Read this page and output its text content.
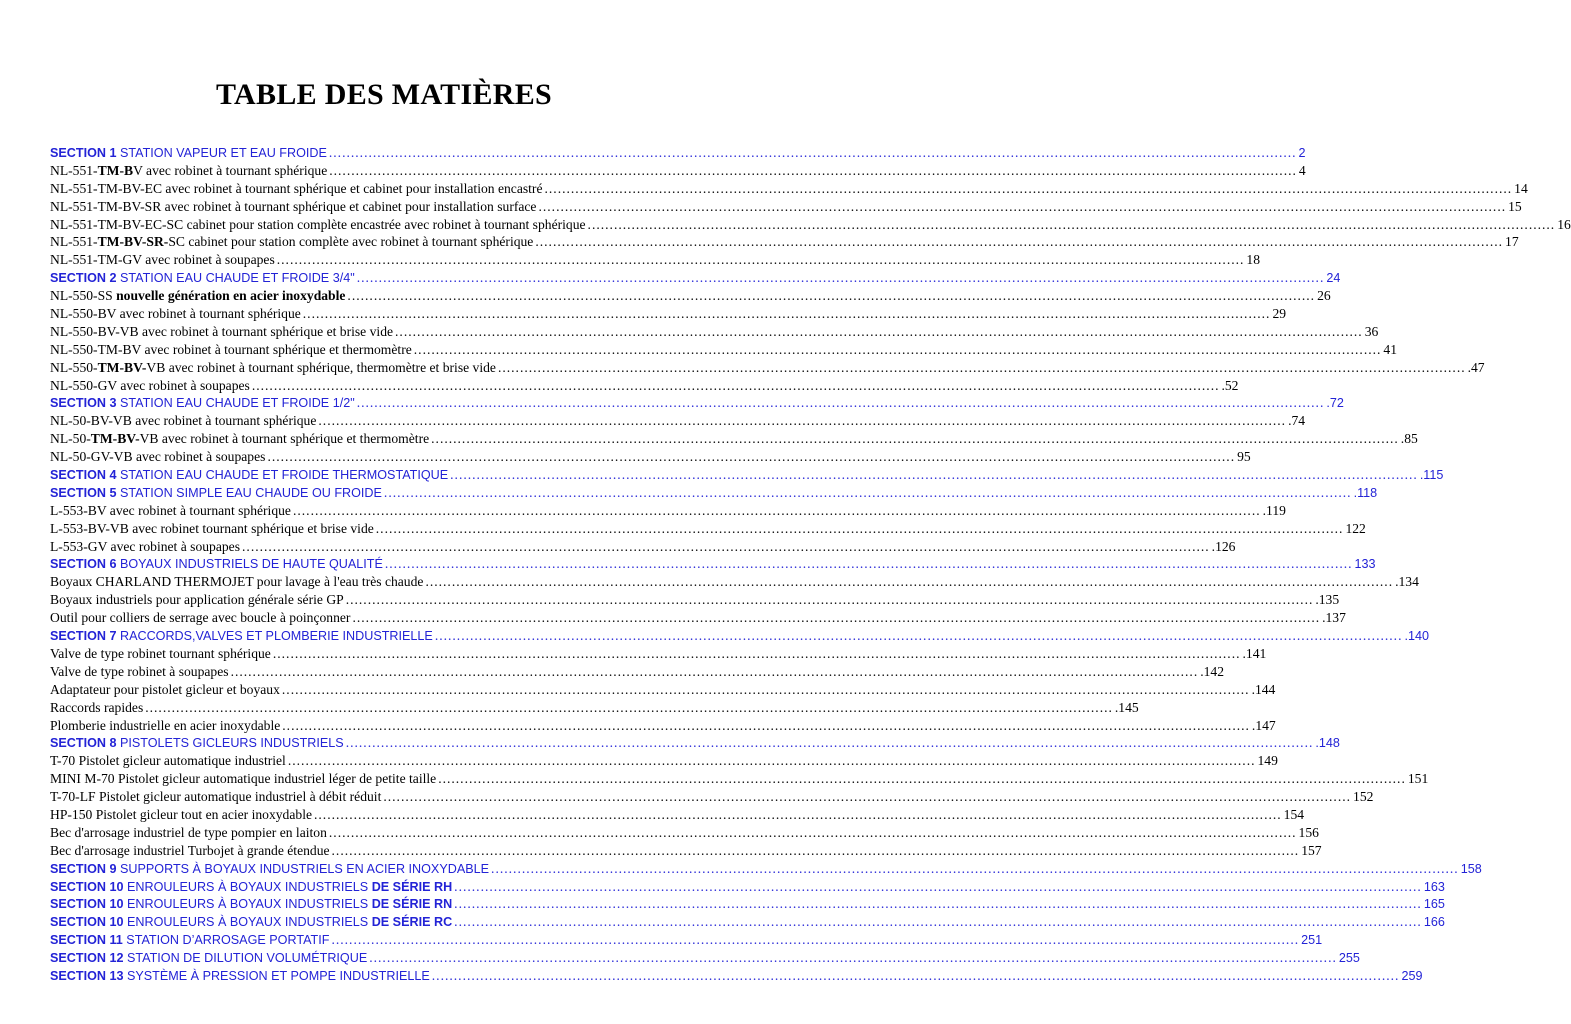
TABLE DES MATIÈRES
SECTION 1 STATION VAPEUR ET EAU FROIDE ............................................................................................................................................................................................................................ 2
NL-551-TM-BV avec robinet à tournant sphérique ............................................................................................................................................................................................................................ 4
NL-551-TM-BV-EC avec robinet à tournant sphérique et cabinet pour installation encastré ............................................................................................................................................................................................................................ 14
NL-551-TM-BV-SR avec robinet à tournant sphérique et cabinet pour installation surface ............................................................................................................................................................................................................................ 15
NL-551-TM-BV-EC-SC cabinet pour station complète encastrée avec robinet à tournant sphérique ............................................................................................................................................................................................................................ 16
NL-551-TM-BV-SR-SC cabinet pour station complète avec robinet à tournant sphérique ............................................................................................................................................................................................................................ 17
NL-551-TM-GV avec robinet à soupapes ............................................................................................................................................................................................................................ 18
SECTION 2 STATION EAU CHAUDE ET FROIDE 3/4" ............................................................................................................................................................................................................................ 24
NL-550-SS nouvelle génération en acier inoxydable ............................................................................................................................................................................................................................ 26
NL-550-BV avec robinet à tournant sphérique ............................................................................................................................................................................................................................ 29
NL-550-BV-VB avec robinet à tournant sphérique et brise vide ............................................................................................................................................................................................................................ 36
NL-550-TM-BV avec robinet à tournant sphérique et thermomètre ............................................................................................................................................................................................................................ 41
NL-550-TM-BV-VB avec robinet à tournant sphérique, thermomètre et brise vide ............................................................................................................................................................................................................................ .47
NL-550-GV avec robinet à soupapes ............................................................................................................................................................................................................................ .52
SECTION 3 STATION EAU CHAUDE ET FROIDE 1/2" ............................................................................................................................................................................................................................ .72
NL-50-BV-VB avec robinet à tournant sphérique ............................................................................................................................................................................................................................ .74
NL-50-TM-BV-VB avec robinet à tournant sphérique et thermomètre ............................................................................................................................................................................................................................ .85
NL-50-GV-VB avec robinet à soupapes ............................................................................................................................................................................................................................ 95
SECTION 4 STATION EAU CHAUDE ET FROIDE THERMOSTATIQUE ............................................................................................................................................................................................................................ .115
SECTION 5 STATION SIMPLE EAU CHAUDE OU FROIDE ............................................................................................................................................................................................................................ .118
L-553-BV avec robinet à tournant sphérique ............................................................................................................................................................................................................................ .119
L-553-BV-VB avec robinet tournant sphérique et brise vide ............................................................................................................................................................................................................................ 122
L-553-GV avec robinet à soupapes ............................................................................................................................................................................................................................ .126
SECTION 6 BOYAUX INDUSTRIELS DE HAUTE QUALITÉ ............................................................................................................................................................................................................................ 133
Boyaux CHARLAND THERMOJET pour lavage à l'eau très chaude ............................................................................................................................................................................................................................ .134
Boyaux industriels pour application générale série GP ............................................................................................................................................................................................................................ .135
Outil pour colliers de serrage avec boucle à poinçonner ............................................................................................................................................................................................................................ .137
SECTION 7 RACCORDS,VALVES ET PLOMBERIE INDUSTRIELLE ............................................................................................................................................................................................................................ .140
Valve de type robinet tournant sphérique ............................................................................................................................................................................................................................ .141
Valve de type robinet à soupapes ............................................................................................................................................................................................................................ .142
Adaptateur pour pistolet gicleur et boyaux ............................................................................................................................................................................................................................ .144
Raccords rapides ............................................................................................................................................................................................................................ .145
Plomberie industrielle en acier inoxydable ............................................................................................................................................................................................................................ .147
SECTION 8 PISTOLETS GICLEURS INDUSTRIELS ............................................................................................................................................................................................................................ .148
T-70 Pistolet gicleur automatique industriel ............................................................................................................................................................................................................................ 149
MINI M-70 Pistolet gicleur automatique industriel léger de petite taille ............................................................................................................................................................................................................................ 151
T-70-LF Pistolet gicleur automatique industriel à débit réduit ............................................................................................................................................................................................................................ 152
HP-150 Pistolet gicleur tout en acier inoxydable ............................................................................................................................................................................................................................ 154
Bec d'arrosage industriel de type pompier en laiton ............................................................................................................................................................................................................................ 156
Bec d'arrosage industriel Turbojet à grande étendue ............................................................................................................................................................................................................................ 157
SECTION 9 SUPPORTS À BOYAUX INDUSTRIELS EN ACIER INOXYDABLE ............................................................................................................................................................................................................................ 158
SECTION 10 ENROULEURS À BOYAUX INDUSTRIELS DE SÉRIE RH ............................................................................................................................................................................................................................ 163
SECTION 10 ENROULEURS À BOYAUX INDUSTRIELS DE SÉRIE RN ............................................................................................................................................................................................................................ 165
SECTION 10 ENROULEURS À BOYAUX INDUSTRIELS DE SÉRIE RC ............................................................................................................................................................................................................................ 166
SECTION 11 STATION D’ARROSAGE PORTATIF ............................................................................................................................................................................................................................ 251
SECTION 12 STATION DE DILUTION VOLUMÉTRIQUE ............................................................................................................................................................................................................................ 255
SECTION 13 SYSTÈME À PRESSION ET POMPE INDUSTRIELLE ............................................................................................................................................................................................................................ 259
